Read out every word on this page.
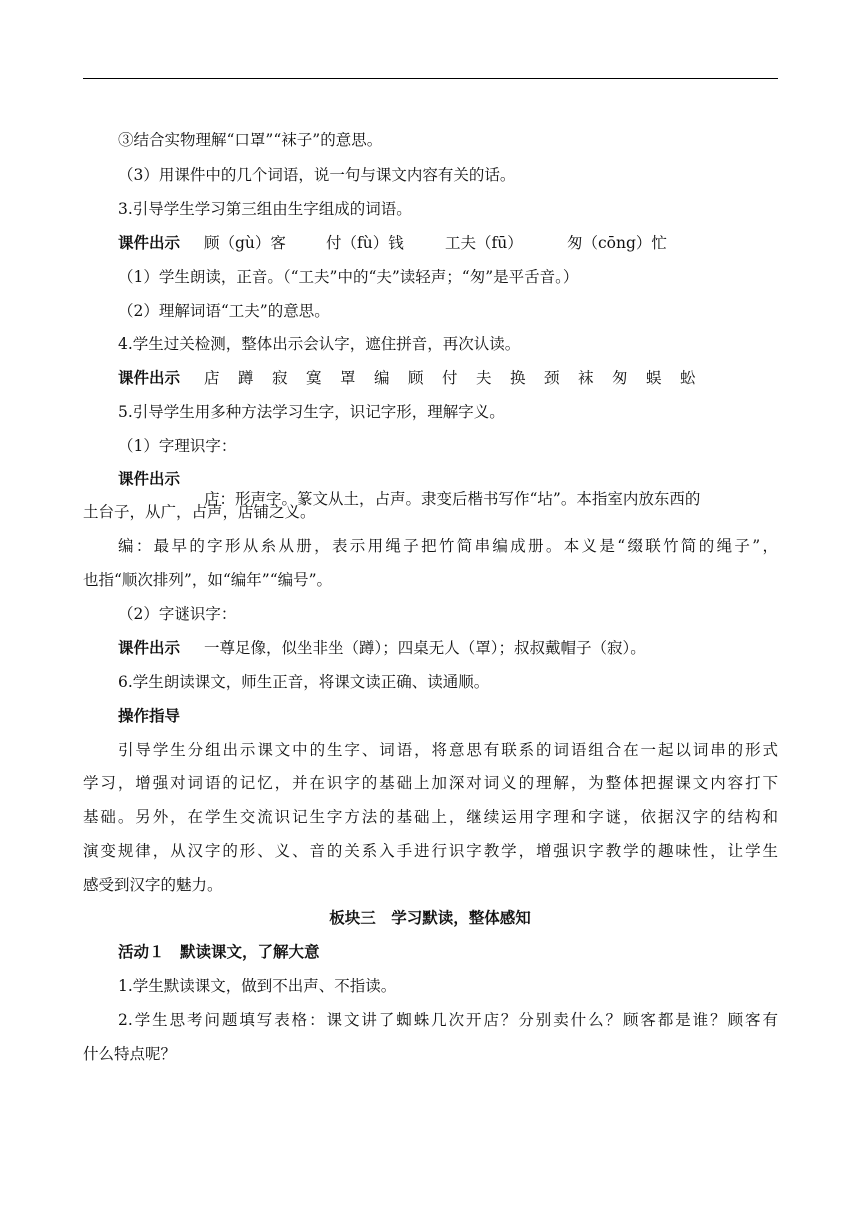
③结合实物理解“口罩”“袜子”的意思。
（3）用课件中的几个词语，说一句与课文内容有关的话。
3.引导学生学习第三组由生字组成的词语。
课件出示 顾（gù）客	付（fù）钱	工夫（fū）	匆（cōng）忙
（1）学生朗读，正音。（“工夫”中的“夫”读轻声；“匆”是平舌音。）
（2）理解词语“工夫”的意思。
4.学生过关检测，整体出示会认字，遮住拼音，再次认读。
课件出示 店 蹲 寂 寞 罩 编 顾 付 夫 换 颈 袜 匆 蜈 蚣
5.引导学生用多种方法学习生字，识记字形，理解字义。
（1）字理识字：
课件出示
店：形声字。篆文从土，占声。隶变后楷书写作“坫”。本指室内放东西的
土台子，从广，占声，店铺之义。
编：最早的字形从糸从册，表示用绳子把竹简串编成册。本义是“缀联竹简的绳子”，
也指“顺次排列”，如“编年”“编号”。
（2）字谜识字：
课件出示 一尊足像，似坐非坐（蹲）；四桌无人（罩）；叔叔戴帽子（寂）。
6.学生朗读课文，师生正音，将课文读正确、读通顺。
操作指导
引导学生分组出示课文中的生字、词语，将意思有联系的词语组合在一起以词串的形式
学习，增强对词语的记忆，并在识字的基础上加深对词义的理解，为整体把握课文内容打下
基础。另外，在学生交流识记生字方法的基础上，继续运用字理和字谜，依据汉字的结构和
演变规律，从汉字的形、义、音的关系入手进行识字教学，增强识字教学的趣味性，让学生
感受到汉字的魅力。
板块三　学习默读，整体感知
活动１　默读课文，了解大意
1.学生默读课文，做到不出声、不指读。
2.学生思考问题填写表格：课文讲了蜘蛛几次开店？分别卖什么？顾客都是谁？顾客有
什么特点呢？
